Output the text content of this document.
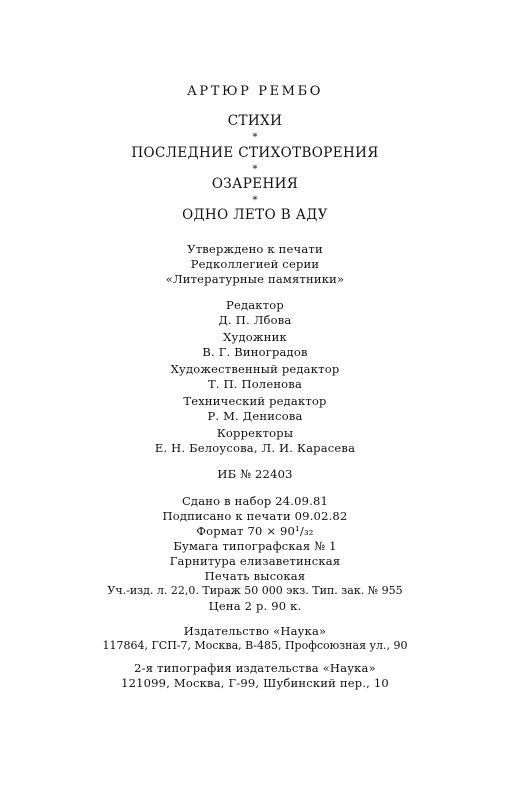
АРТЮР РЕМБО
СТИХИ
*
ПОСЛЕДНИЕ СТИХОТВОРЕНИЯ
*
ОЗАРЕНИЯ
*
ОДНО ЛЕТО В АДУ
Утверждено к печати
Редколлегией серии
«Литературные памятники»
Редактор
Д. П. Лбова
Художник
В. Г. Виноградов
Художественный редактор
Т. П. Поленова
Технический редактор
Р. М. Денисова
Корректоры
Е. Н. Белоусова, Л. И. Карасева
ИБ № 22403
Сдано в набор 24.09.81
Подписано к печати 09.02.82
Формат 70 × 90¹/₃₂
Бумага типографская № 1
Гарнитура елизаветинская
Печать высокая
Уч.-изд. л. 22,0. Тираж 50 000 экз. Тип. зак. № 955
Цена 2 р. 90 к.
Издательство «Наука»
117864, ГСП-7, Москва, В-485, Профсоюзная ул., 90
2-я типография издательства «Наука»
121099, Москва, Г-99, Шубинский пер., 10
